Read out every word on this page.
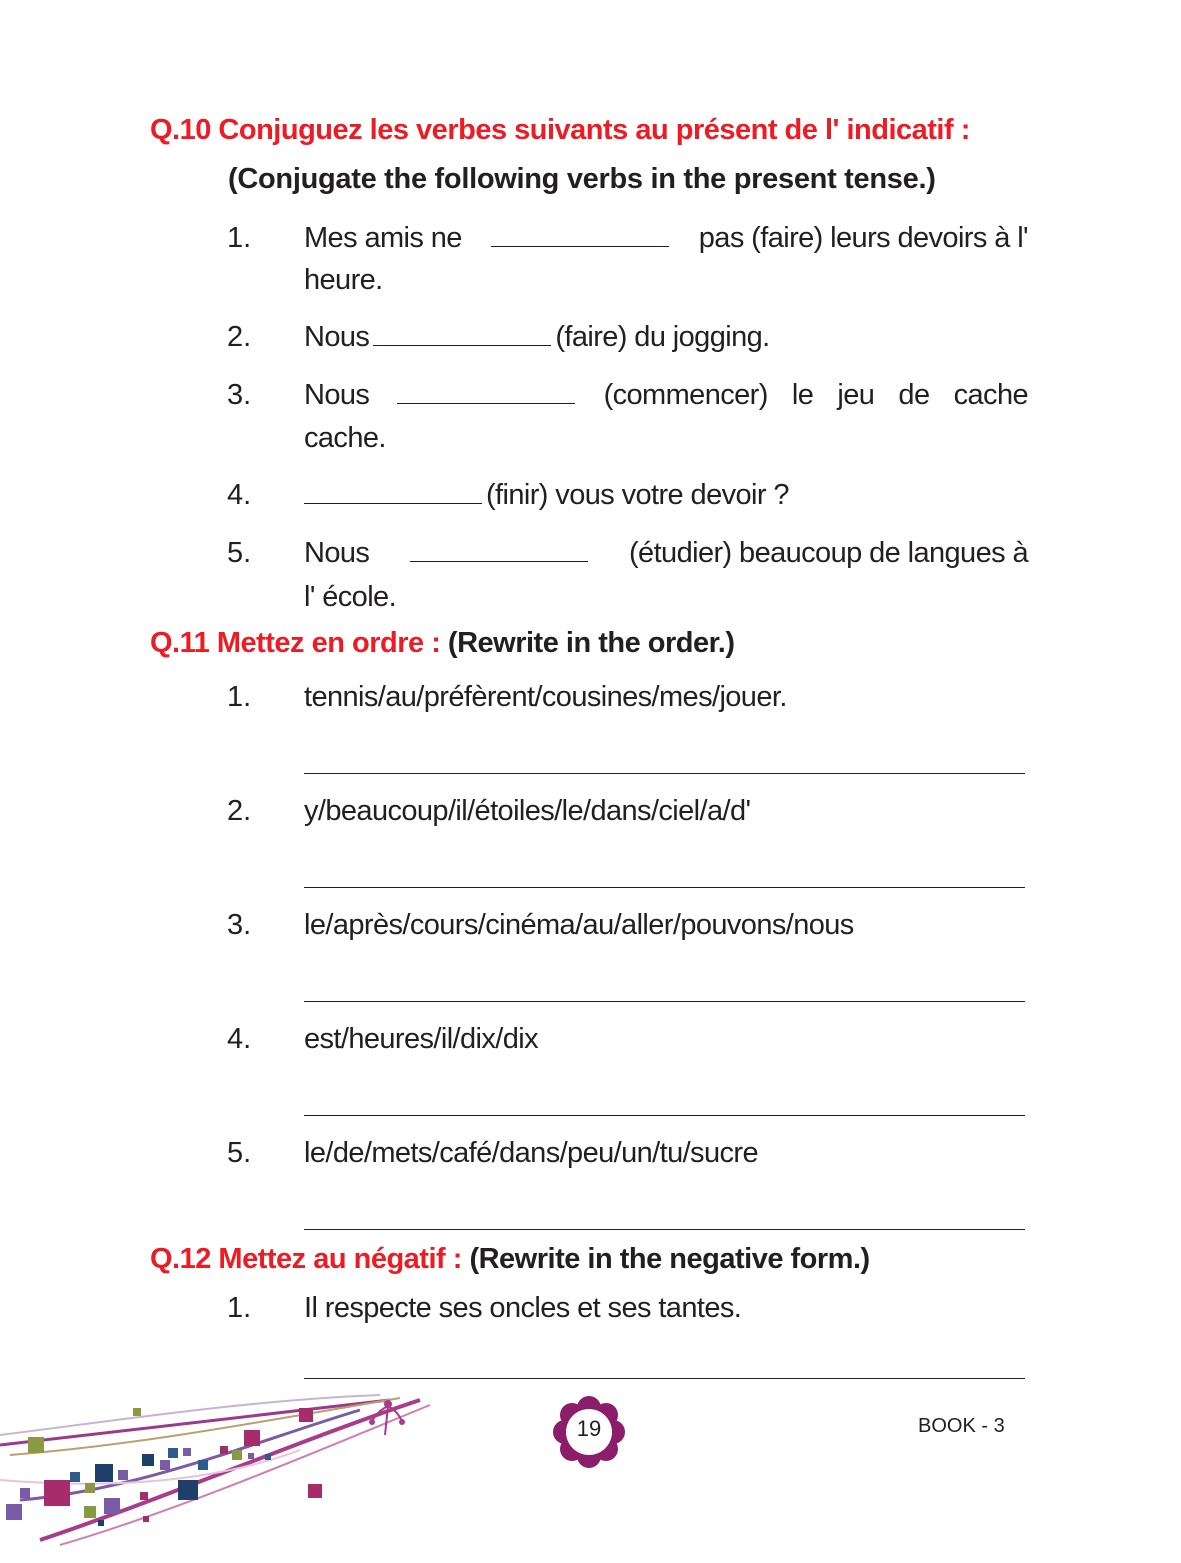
Q.10 Conjuguez les verbes suivants au présent de l' indicatif :
(Conjugate the following verbs in the present tense.)
1. Mes amis ne	pas (faire) leurs devoirs à l'
heure.
2. Nous	(faire) du jogging.
3. Nous	(commencer) le jeu de cache
cache.
4.	(finir) vous votre devoir ?
5. Nous	(étudier) beaucoup de langues à
l' école.
Q.11 Mettez en ordre : (Rewrite in the order.)
1. tennis/au/préfèrent/cousines/mes/jouer.
2. y/beaucoup/il/étoiles/le/dans/ciel/a/d'
3. le/après/cours/cinéma/au/aller/pouvons/nous
4. est/heures/il/dix/dix
5. le/de/mets/café/dans/peu/un/tu/sucre
Q.12 Mettez au négatif : (Rewrite in the negative form.)
1. Il respecte ses oncles et ses tantes.
19	BOOK - 3
